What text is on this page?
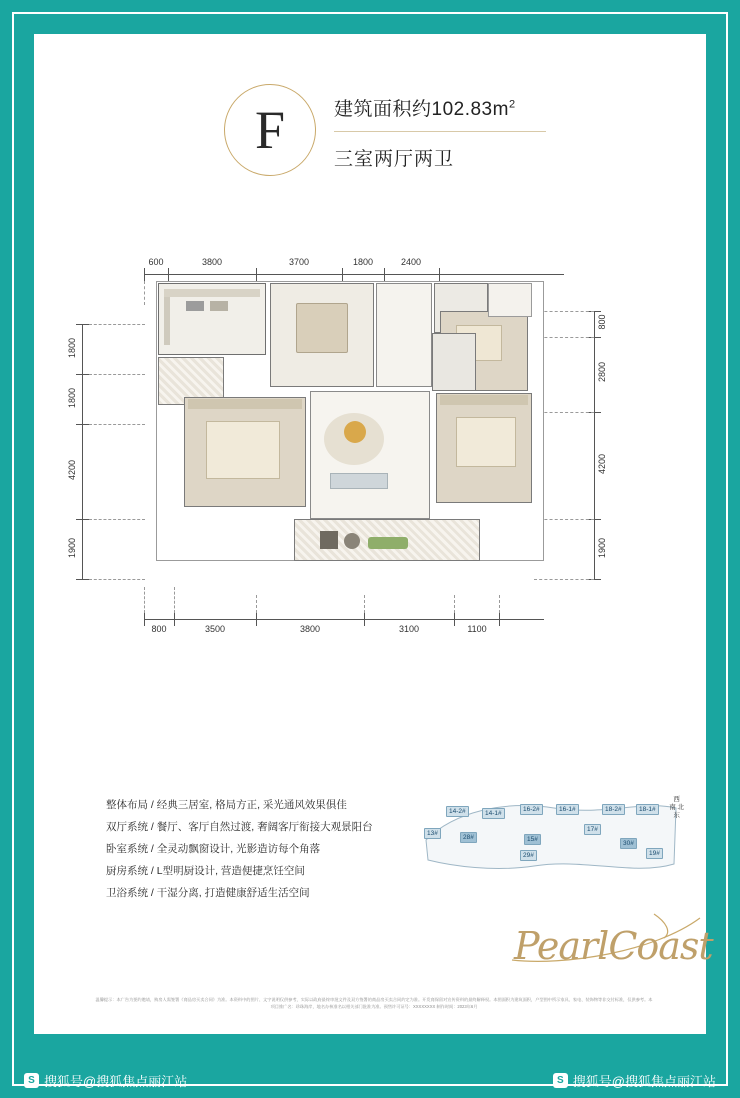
F	建筑面积约$102.83m^2$
三室两厅两卫
600	3800	3700	1800	2400
1800
1800
4200
1900
800
2800
4200
1900
800	3500	3800	3100	1100
整体布局 / 经典三居室, 格局方正, 采光通风效果俱佳
双厅系统 / 餐厅、客厅自然过渡, 奢阔客厅衔接大观景阳台
卧室系统 / 全灵动飘窗设计, 光影造访每个角落
厨房系统 / L型明厨设计, 营造便捷烹饪空间
卫浴系统 / 干湿分离, 打造健康舒适生活空间
13#
14-2#	14-1#
28#
16-2#	16-1#
15#
29#
17#
18-2#	18-1#
30#
19#
西
南 北
东
PearlCoast
温馨提示：本广告为要约邀请，购房人需签署《商品房买卖合同》为准。本资料中的图片、文字说明仅供参考，实际以政府最终审批文件及双方签署的商品房买卖合同约定为准。开发商保留对宣传资料的最终解释权。本图面积为建筑面积，户型图中所示家具、家电、装饰物等非交付标准，仅供参考。本项目推广名：珍珠海岸，地名办核准名以相关部门批准为准。预售许可证号：XXXXXXXX 制作时间：2023年6月
S 搜狐号@搜狐焦点丽江站	S 搜狐号@搜狐焦点丽江站
